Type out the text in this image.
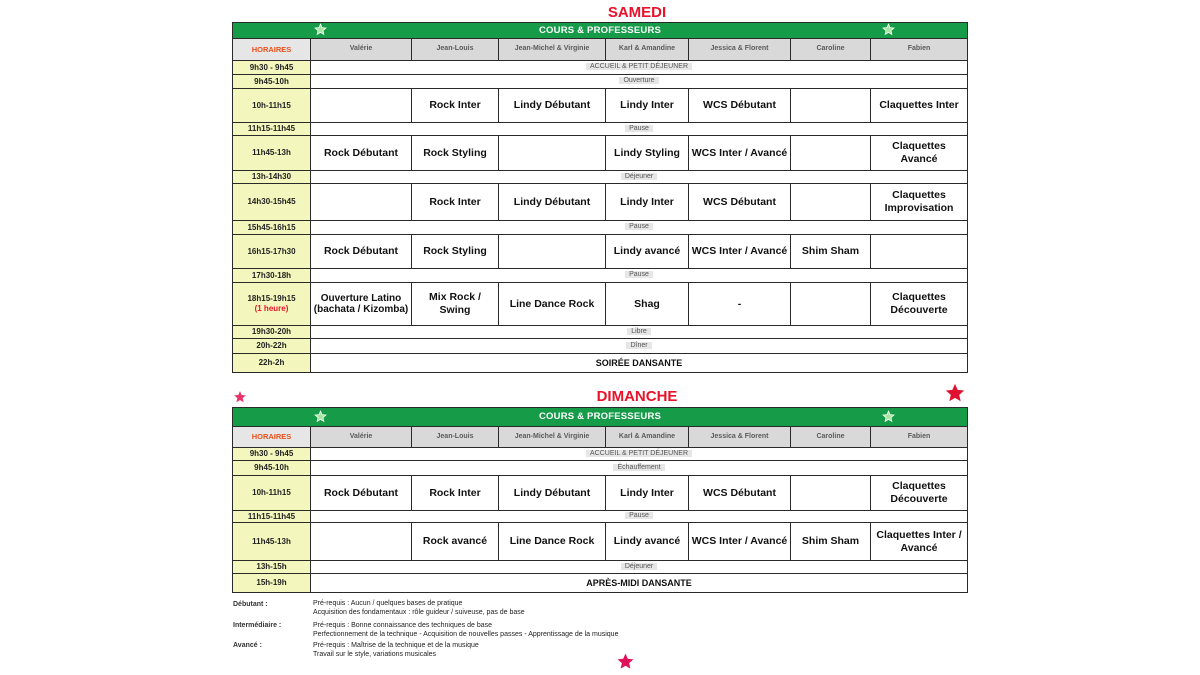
SAMEDI
COURS & PROFESSEURS							
HORAIRES	Valérie	Jean-Louis	Jean-Michel & Virginie	Karl & Amandine	Jessica & Florent	Caroline	Fabien
9h30 - 9h45	ACCUEIL & PETIT DÉJEUNER						
9h45-10h	Ouverture						
10h-11h15		Rock Inter	Lindy Débutant	Lindy Inter	WCS Débutant		Claquettes Inter
11h15-11h45	Pause						
11h45-13h	Rock Débutant	Rock Styling		Lindy Styling	WCS Inter / Avancé		Claquettes Avancé
13h-14h30	Déjeuner						
14h30-15h45		Rock Inter	Lindy Débutant	Lindy Inter	WCS Débutant		Claquettes Improvisation
15h45-16h15	Pause						
16h15-17h30	Rock Débutant	Rock Styling		Lindy avancé	WCS Inter / Avancé	Shim Sham	
17h30-18h	Pause						
18h15-19h15
(1 heure)	Ouverture Latino (bachata / Kizomba)	Mix Rock / Swing	Line Dance Rock	Shag	-		Claquettes Découverte
19h30-20h	Libre						
20h-22h	Dîner						
22h-2h	SOIRÉE DANSANTE						
DIMANCHE
COURS & PROFESSEURS							
HORAIRES	Valérie	Jean-Louis	Jean-Michel & Virginie	Karl & Amandine	Jessica & Florent	Caroline	Fabien
9h30 - 9h45	ACCUEIL & PETIT DÉJEUNER						
9h45-10h	Échauffement						
10h-11h15	Rock Débutant	Rock Inter	Lindy Débutant	Lindy Inter	WCS Débutant		Claquettes Découverte
11h15-11h45	Pause						
11h45-13h		Rock avancé	Line Dance Rock	Lindy avancé	WCS Inter / Avancé	Shim Sham	Claquettes Inter / Avancé
13h-15h	Déjeuner						
15h-19h	APRÈS-MIDI DANSANTE						
Débutant :	Pré-requis : Aucun / quelques bases de pratique
Acquisition des fondamentaux : rôle guideur / suiveuse, pas de base
Intermédiaire :	Pré-requis : Bonne connaissance des techniques de base
Perfectionnement de la technique - Acquisition de nouvelles passes - Apprentissage de la musique
Avancé :	Pré-requis : Maîtrise de la technique et de la musique
Travail sur le style, variations musicales
